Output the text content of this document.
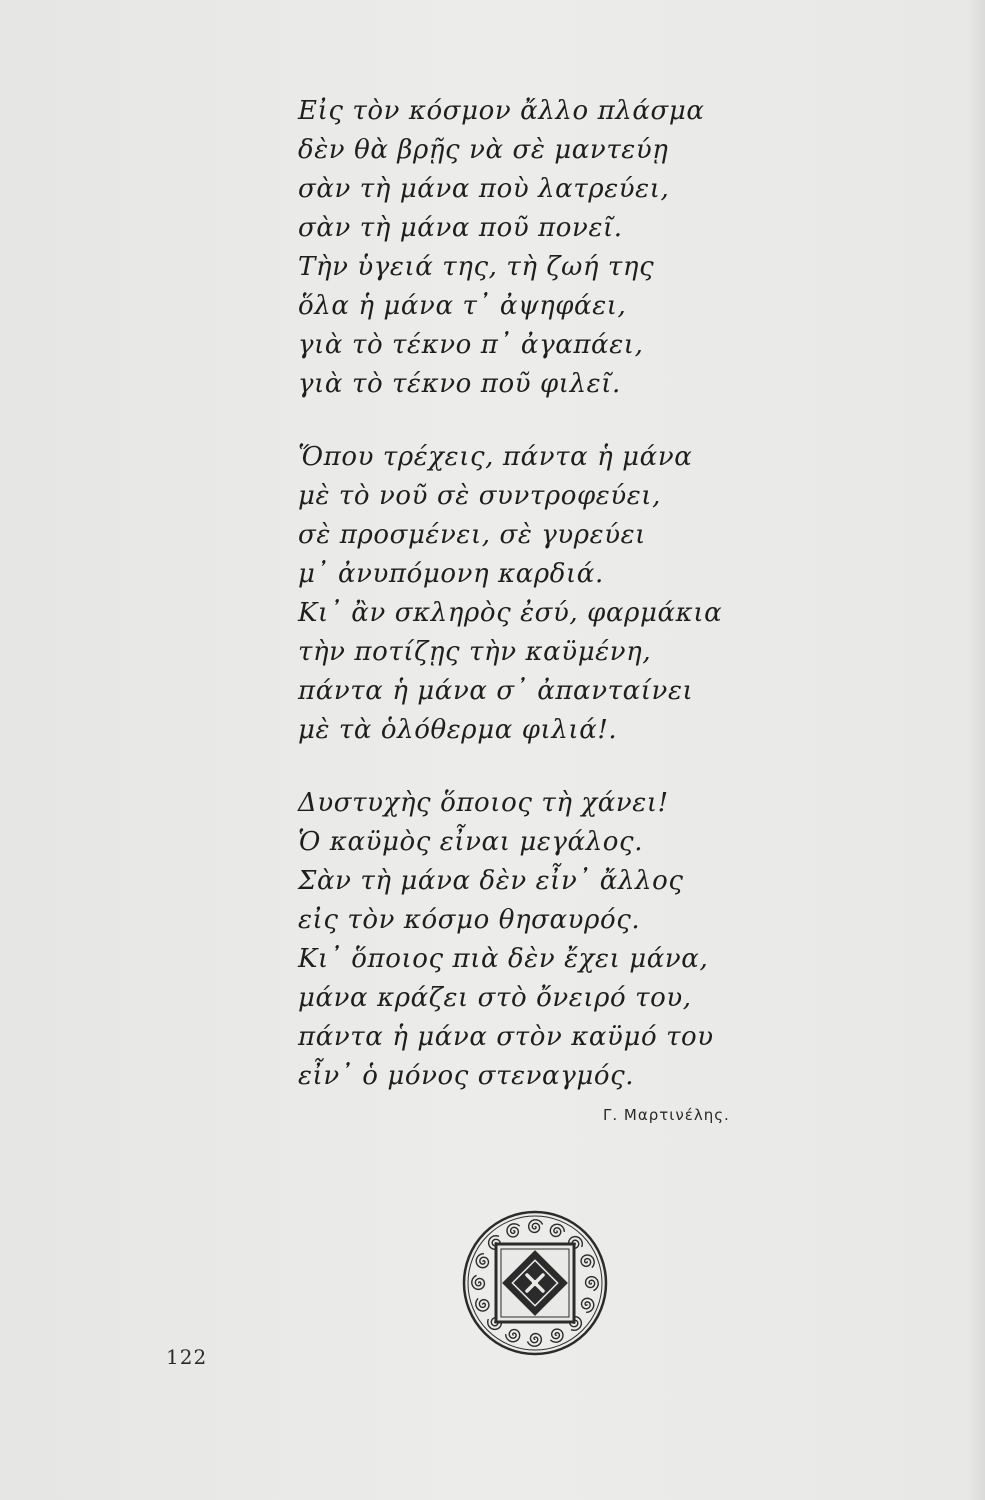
Εἰς τὸν κόσμον ἄλλο πλάσμα
δὲν θὰ βρῇς νὰ σὲ μαντεύῃ
σὰν τὴ μάνα ποὺ λατρεύει,
σὰν τὴ μάνα ποῦ πονεῖ.
Τὴν ὑγειά της, τὴ ζωή της
ὅλα ἡ μάνα τ᾽ ἀψηφάει,
γιὰ τὸ τέκνο π᾽ ἀγαπάει,
γιὰ τὸ τέκνο ποῦ φιλεῖ.
Ὅπου τρέχεις, πάντα ἡ μάνα
μὲ τὸ νοῦ σὲ συντροφεύει,
σὲ προσμένει, σὲ γυρεύει
μ᾽ ἀνυπόμονη καρδιά.
Κι᾽ ἂν σκληρὸς ἐσύ, φαρμάκια
τὴν ποτίζῃς τὴν καϋμένη,
πάντα ἡ μάνα σ᾽ ἀπανταίνει
μὲ τὰ ὁλόθερμα φιλιά!.
Δυστυχὴς ὅποιος τὴ χάνει!
Ὁ καϋμὸς εἶναι μεγάλος.
Σὰν τὴ μάνα δὲν εἶν᾽ ἄλλος
εἰς τὸν κόσμο θησαυρός.
Κι᾽ ὅποιος πιὰ δὲν ἔχει μάνα,
μάνα κράζει στὸ ὄνειρό του,
πάντα ἡ μάνα στὸν καϋμό του
εἶν᾽ ὁ μόνος στεναγμός.
Γ. Μαρτινέλης.
122
